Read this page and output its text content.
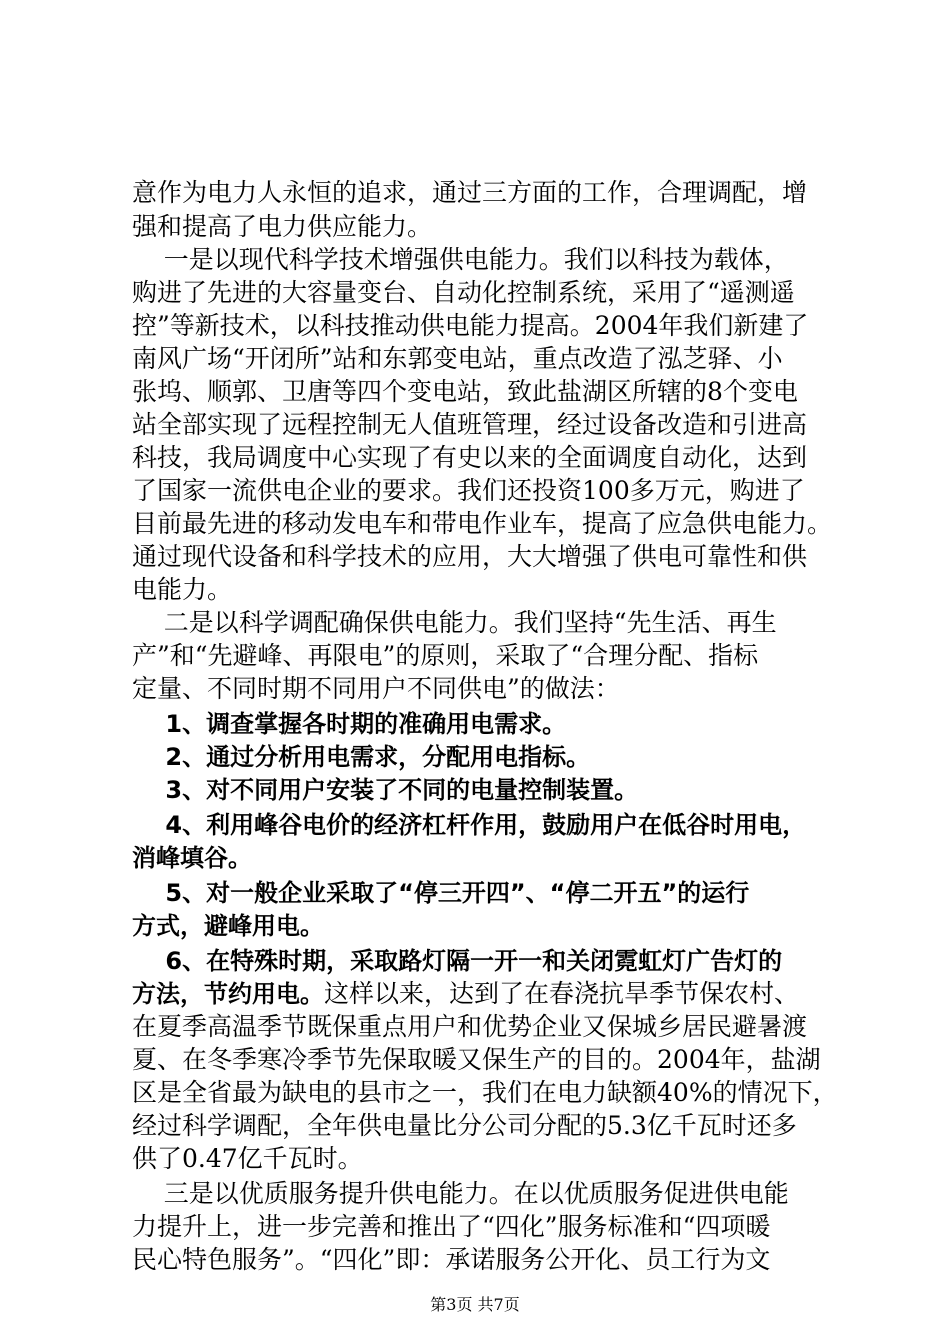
意作为电力人永恒的追求，通过三方面的工作，合理调配，增
强和提高了电力供应能力。
一是以现代科学技术增强供电能力。我们以科技为载体，
购进了先进的大容量变台、自动化控制系统，采用了“遥测遥
控”等新技术，以科技推动供电能力提高。2004年我们新建了
南风广场“开闭所”站和东郭变电站，重点改造了泓芝驿、小
张坞、顺郭、卫唐等四个变电站，致此盐湖区所辖的8个变电
站全部实现了远程控制无人值班管理，经过设备改造和引进高
科技，我局调度中心实现了有史以来的全面调度自动化，达到
了国家一流供电企业的要求。我们还投资100多万元，购进了
目前最先进的移动发电车和带电作业车，提高了应急供电能力。
通过现代设备和科学技术的应用，大大增强了供电可靠性和供
电能力。
二是以科学调配确保供电能力。我们坚持“先生活、再生
产”和“先避峰、再限电”的原则，采取了“合理分配、指标
定量、不同时期不同用户不同供电”的做法：
1、调查掌握各时期的准确用电需求。
2、通过分析用电需求，分配用电指标。
3、对不同用户安装了不同的电量控制装置。
4、利用峰谷电价的经济杠杆作用，鼓励用户在低谷时用电，
消峰填谷。
5、对一般企业采取了“停三开四”、“停二开五”的运行
方式，避峰用电。
6、在特殊时期，采取路灯隔一开一和关闭霓虹灯广告灯的
方法，节约用电。这样以来，达到了在春浇抗旱季节保农村、
在夏季高温季节既保重点用户和优势企业又保城乡居民避暑渡
夏、在冬季寒冷季节先保取暖又保生产的目的。2004年，盐湖
区是全省最为缺电的县市之一，我们在电力缺额40%的情况下，
经过科学调配，全年供电量比分公司分配的5.3亿千瓦时还多
供了0.47亿千瓦时。
三是以优质服务提升供电能力。在以优质服务促进供电能
力提升上，进一步完善和推出了“四化”服务标准和“四项暖
民心特色服务”。“四化”即：承诺服务公开化、员工行为文
第3页 共7页
